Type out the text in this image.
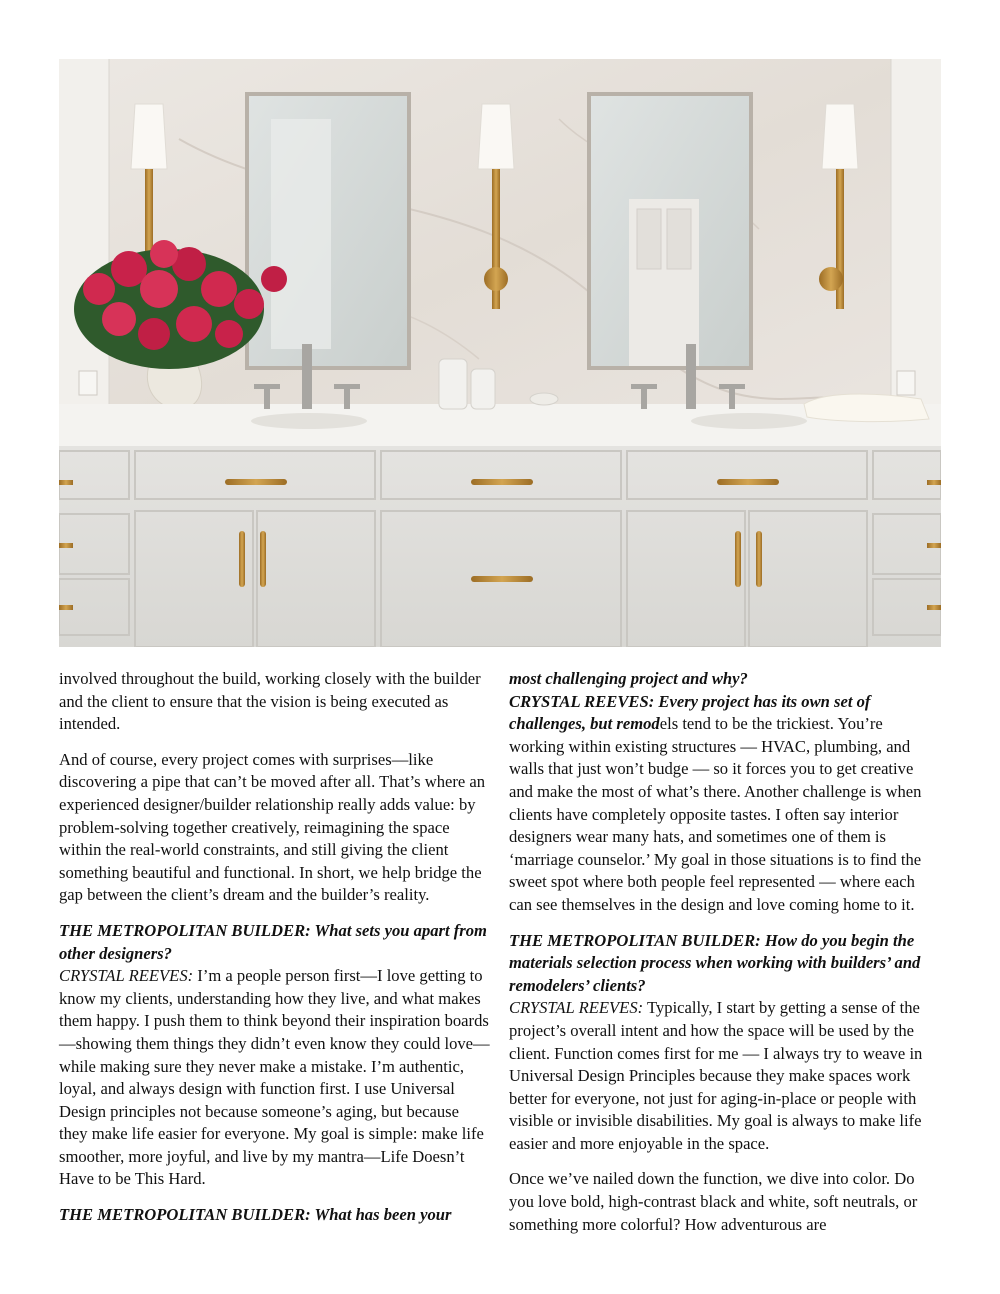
involved throughout the build, working closely with the builder and the client to ensure that the vision is being executed as intended.

And of course, every project comes with surprises—like discovering a pipe that can’t be moved after all. That’s where an experienced designer/builder relationship really adds value: by problem-solving together creatively, reimagining the space within the real-world constraints, and still giving the client something beautiful and functional. In short, we help bridge the gap between the client’s dream and the builder’s reality.

THE METROPOLITAN BUILDER: What sets you apart from other designers?
CRYSTAL REEVES: I’m a people person first—I love getting to know my clients, understanding how they live, and what makes them happy. I push them to think beyond their inspiration boards—showing them things they didn’t even know they could love—while making sure they never make a mistake. I’m authentic, loyal, and always design with function first. I use Universal Design principles not because someone’s aging, but because they make life easier for everyone. My goal is simple: make life smoother, more joyful, and live by my mantra—Life Doesn’t Have to be This Hard.

THE METROPOLITAN BUILDER: What has been your

most challenging project and why?
CRYSTAL REEVES: Every project has its own set of challenges, but remodels tend to be the trickiest. You’re working within existing structures — HVAC, plumbing, and walls that just won’t budge — so it forces you to get creative and make the most of what’s there. Another challenge is when clients have completely opposite tastes. I often say interior designers wear many hats, and sometimes one of them is ‘marriage counselor.’ My goal in those situations is to find the sweet spot where both people feel represented — where each can see themselves in the design and love coming home to it.

THE METROPOLITAN BUILDER: How do you begin the materials selection process when working with builders’ and remodelers’ clients?
CRYSTAL REEVES: Typically, I start by getting a sense of the project’s overall intent and how the space will be used by the client. Function comes first for me — I always try to weave in Universal Design Principles because they make spaces work better for everyone, not just for aging-in-place or people with visible or invisible disabilities. My goal is always to make life easier and more enjoyable in the space.

Once we’ve nailed down the function, we dive into color. Do you love bold, high-contrast black and white, soft neutrals, or something more colorful? How adventurous are
